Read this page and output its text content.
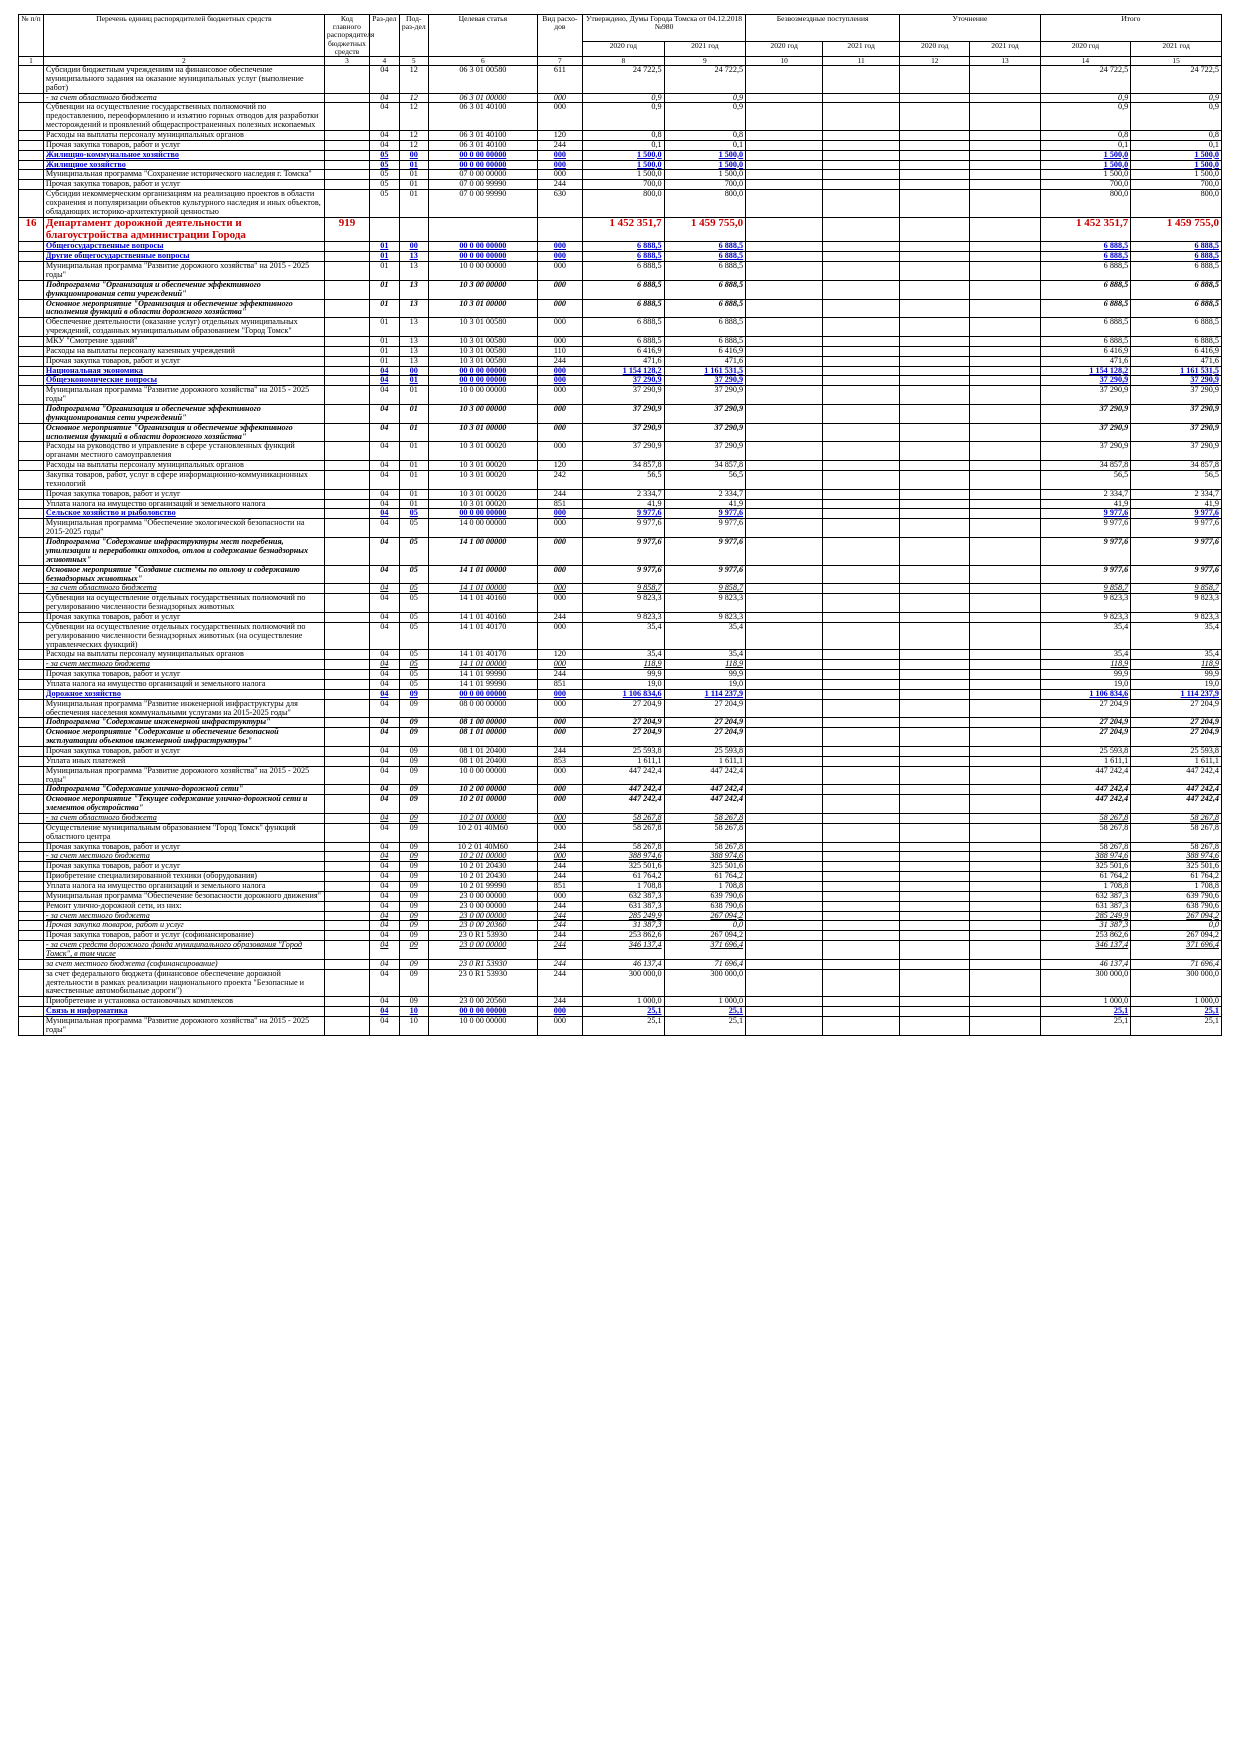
№ п/п	Перечень единиц распорядителей бюджетных средств	Код главного распорядителя бюджетных средств	Раз-дел	Под-раз-дел	Целевая статья	Вид расхо-дов	Утверждено, Думы Города Томска от 04.12.2018 №980		Безвозмездные поступления		Уточнение		Итого	
							2020 год	2021 год	2020 год	2021 год	2020 год	2021 год	2020 год	2021 год
1	2	3	4	5	6	7	8	9	10	11	12	13	14	15
	Субсидии бюджетным учреждениям на финансовое обеспечение муниципального задания на оказание муниципальных услуг (выполнение работ)		04	12	06 3 01 00580	611	24 722,5	24 722,5					24 722,5	24 722,5
	- за счет областного бюджета		04	12	06 3 01 00000	000	0,9	0,9					0,9	0,9
	Субвенции на осуществление государственных полномочий по предоставлению, переоформлению и изъятию горных отводов для разработки месторождений и проявлений общераспространенных полезных ископаемых		04	12	06 3 01 40100	000	0,9	0,9					0,9	0,9
	Расходы на выплаты персоналу муниципальных органов		04	12	06 3 01 40100	120	0,8	0,8					0,8	0,8
	Прочая закупка товаров, работ и услуг		04	12	06 3 01 40100	244	0,1	0,1					0,1	0,1
	Жилищно-коммунальное хозяйство		05	00	00 0 00 00000	000	1 500,0	1 500,0					1 500,0	1 500,0
	Жилищное хозяйство		05	01	00 0 00 00000	000	1 500,0	1 500,0					1 500,0	1 500,0
	Муниципальная программа "Сохранение исторического наследия г. Томска"		05	01	07 0 00 00000	000	1 500,0	1 500,0					1 500,0	1 500,0
	Прочая закупка товаров, работ и услуг		05	01	07 0 00 99990	244	700,0	700,0					700,0	700,0
	Субсидии некоммерческим организациям на реализацию проектов в области сохранения и популяризации объектов культурного наследия и иных объектов, обладающих историко-архитектурной ценностью		05	01	07 0 00 99990	630	800,0	800,0					800,0	800,0
16	Департамент дорожной деятельности и благоустройства администрации Города	919					1 452 351,7	1 459 755,0					1 452 351,7	1 459 755,0
	Общегосударственные вопросы		01	00	00 0 00 00000	000	6 888,5	6 888,5					6 888,5	6 888,5
	Другие общегосударственные вопросы		01	13	00 0 00 00000	000	6 888,5	6 888,5					6 888,5	6 888,5
	Муниципальная программа "Развитие дорожного хозяйства" на 2015 - 2025 годы"		01	13	10 0 00 00000	000	6 888,5	6 888,5					6 888,5	6 888,5
	Подпрограмма "Организация и обеспечение эффективного функционирования сети учреждений"		01	13	10 3 00 00000	000	6 888,5	6 888,5					6 888,5	6 888,5
	Основное мероприятие "Организация и обеспечение эффективного исполнения функций в области дорожного хозяйства"		01	13	10 3 01 00000	000	6 888,5	6 888,5					6 888,5	6 888,5
	Обеспечение деятельности (оказание услуг) отдельных муниципальных учреждений, созданных муниципальным образованием "Город Томск"		01	13	10 3 01 00580	000	6 888,5	6 888,5					6 888,5	6 888,5
	МКУ "Смотрение зданий"		01	13	10 3 01 00580	000	6 888,5	6 888,5					6 888,5	6 888,5
	Расходы на выплаты персоналу казенных учреждений		01	13	10 3 01 00580	110	6 416,9	6 416,9					6 416,9	6 416,9
	Прочая закупка товаров, работ и услуг		01	13	10 3 01 00580	244	471,6	471,6					471,6	471,6
	Национальная экономика		04	00	00 0 00 00000	000	1 154 128,2	1 161 531,5					1 154 128,2	1 161 531,5
	Общеэкономические вопросы		04	01	00 0 00 00000	000	37 290,9	37 290,9					37 290,9	37 290,9
	Муниципальная программа "Развитие дорожного хозяйства" на 2015 - 2025 годы"		04	01	10 0 00 00000	000	37 290,9	37 290,9					37 290,9	37 290,9
	Подпрограмма "Организация и обеспечение эффективного функционирования сети учреждений"		04	01	10 3 00 00000	000	37 290,9	37 290,9					37 290,9	37 290,9
	Основное мероприятие "Организация и обеспечение эффективного исполнения функций в области дорожного хозяйства"		04	01	10 3 01 00000	000	37 290,9	37 290,9					37 290,9	37 290,9
	Расходы на руководство и управление в сфере установленных функций органами местного самоуправления		04	01	10 3 01 00020	000	37 290,9	37 290,9					37 290,9	37 290,9
	Расходы на выплаты персоналу муниципальных органов		04	01	10 3 01 00020	120	34 857,8	34 857,8					34 857,8	34 857,8
	Закупка товаров, работ, услуг в сфере информационно-коммуникационных технологий		04	01	10 3 01 00020	242	56,5	56,5					56,5	56,5
	Прочая закупка товаров, работ и услуг		04	01	10 3 01 00020	244	2 334,7	2 334,7					2 334,7	2 334,7
	Уплата налога на имущество организаций и земельного налога		04	01	10 3 01 00020	851	41,9	41,9					41,9	41,9
	Сельское хозяйство и рыболовство		04	05	00 0 00 00000	000	9 977,6	9 977,6					9 977,6	9 977,6
	Муниципальная программа "Обеспечение экологической безопасности на 2015-2025 годы"		04	05	14 0 00 00000	000	9 977,6	9 977,6					9 977,6	9 977,6
	Подпрограмма "Содержание инфраструктуры мест погребения, утилизации и переработки отходов, отлов и содержание безнадзорных животных"		04	05	14 1 00 00000	000	9 977,6	9 977,6					9 977,6	9 977,6
	Основное мероприятие "Создание системы по отлову и содержанию безнадзорных животных"		04	05	14 1 01 00000	000	9 977,6	9 977,6					9 977,6	9 977,6
	- за счет областного бюджета		04	05	14 1 01 00000	000	9 858,7	9 858,7					9 858,7	9 858,7
	Субвенции на осуществление отдельных государственных полномочий по регулированию численности безнадзорных животных		04	05	14 1 01 40160	000	9 823,3	9 823,3					9 823,3	9 823,3
	Прочая закупка товаров, работ и услуг		04	05	14 1 01 40160	244	9 823,3	9 823,3					9 823,3	9 823,3
	Субвенции на осуществление отдельных государственных полномочий по регулированию численности безнадзорных животных (на осуществление управленческих функций)		04	05	14 1 01 40170	000	35,4	35,4					35,4	35,4
	Расходы на выплаты персоналу муниципальных органов		04	05	14 1 01 40170	120	35,4	35,4					35,4	35,4
	- за счет местного бюджета		04	05	14 1 01 00000	000	118,9	118,9					118,9	118,9
	Прочая закупка товаров, работ и услуг		04	05	14 1 01 99990	244	99,9	99,9					99,9	99,9
	Уплата налога на имущество организаций и земельного налога		04	05	14 1 01 99990	851	19,0	19,0					19,0	19,0
	Дорожное хозяйство		04	09	00 0 00 00000	000	1 106 834,6	1 114 237,9					1 106 834,6	1 114 237,9
	Муниципальная программа "Развитие инженерной инфраструктуры для обеспечения населения коммунальными услугами на 2015-2025 годы"		04	09	08 0 00 00000	000	27 204,9	27 204,9					27 204,9	27 204,9
	Подпрограмма "Содержание инженерной инфраструктуры"		04	09	08 1 00 00000	000	27 204,9	27 204,9					27 204,9	27 204,9
	Основное мероприятие "Содержание и обеспечение безопасной эксплуатации объектов инженерной инфраструктуры"		04	09	08 1 01 00000	000	27 204,9	27 204,9					27 204,9	27 204,9
	Прочая закупка товаров, работ и услуг		04	09	08 1 01 20400	244	25 593,8	25 593,8					25 593,8	25 593,8
	Уплата иных платежей		04	09	08 1 01 20400	853	1 611,1	1 611,1					1 611,1	1 611,1
	Муниципальная программа "Развитие дорожного хозяйства" на 2015 - 2025 годы"		04	09	10 0 00 00000	000	447 242,4	447 242,4					447 242,4	447 242,4
	Подпрограмма "Содержание улично-дорожной сети"		04	09	10 2 00 00000	000	447 242,4	447 242,4					447 242,4	447 242,4
	Основное мероприятие "Текущее содержание улично-дорожной сети и элементов обустройства"		04	09	10 2 01 00000	000	447 242,4	447 242,4					447 242,4	447 242,4
	- за счет областного бюджета		04	09	10 2 01 00000	000	58 267,8	58 267,8					58 267,8	58 267,8
	Осуществление муниципальным образованием "Город Томск" функций областного центра		04	09	10 2 01 40М60	000	58 267,8	58 267,8					58 267,8	58 267,8
	Прочая закупка товаров, работ и услуг		04	09	10 2 01 40М60	244	58 267,8	58 267,8					58 267,8	58 267,8
	- за счет местного бюджета		04	09	10 2 01 00000	000	388 974,6	388 974,6					388 974,6	388 974,6
	Прочая закупка товаров, работ и услуг		04	09	10 2 01 20430	244	325 501,6	325 501,6					325 501,6	325 501,6
	Приобретение специализированной техники (оборудования)		04	09	10 2 01 20430	244	61 764,2	61 764,2					61 764,2	61 764,2
	Уплата налога на имущество организаций и земельного налога		04	09	10 2 01 99990	851	1 708,8	1 708,8					1 708,8	1 708,8
	Муниципальная программа "Обеспечение безопасности дорожного движения"		04	09	23 0 00 00000	000	632 387,3	639 790,6					632 387,3	639 790,6
	Ремонт улично-дорожной сети, из них:		04	09	23 0 00 00000	244	631 387,3	638 790,6					631 387,3	638 790,6
	- за счет местного бюджета		04	09	23 0 00 00000	244	285 249,9	267 094,2					285 249,9	267 094,2
	Прочая закупка товаров, работ и услуг		04	09	23 0 00 20360	244	31 387,3	0,0					31 387,3	0,0
	Прочая закупка товаров, работ и услуг (софинансирование)		04	09	23 0 R1 53930	244	253 862,6	267 094,2					253 862,6	267 094,2
	- за счет средств дорожного фонда муниципального образования "Город Томск", в том числе		04	09	23 0 00 00000	244	346 137,4	371 696,4					346 137,4	371 696,4
	за счет местного бюджета (софинансирование)		04	09	23 0 R1 53930	244	46 137,4	71 696,4					46 137,4	71 696,4
	за счет федерального бюджета (финансовое обеспечение дорожной деятельности в рамках реализации национального проекта "Безопасные и качественные автомобильные дороги")		04	09	23 0 R1 53930	244	300 000,0	300 000,0					300 000,0	300 000,0
	Приобретение и установка остановочных комплексов		04	09	23 0 00 20560	244	1 000,0	1 000,0					1 000,0	1 000,0
	Связь и информатика		04	10	00 0 00 00000	000	25,1	25,1					25,1	25,1
	Муниципальная программа "Развитие дорожного хозяйства" на 2015 - 2025 годы"		04	10	10 0 00 00000	000	25,1	25,1					25,1	25,1
